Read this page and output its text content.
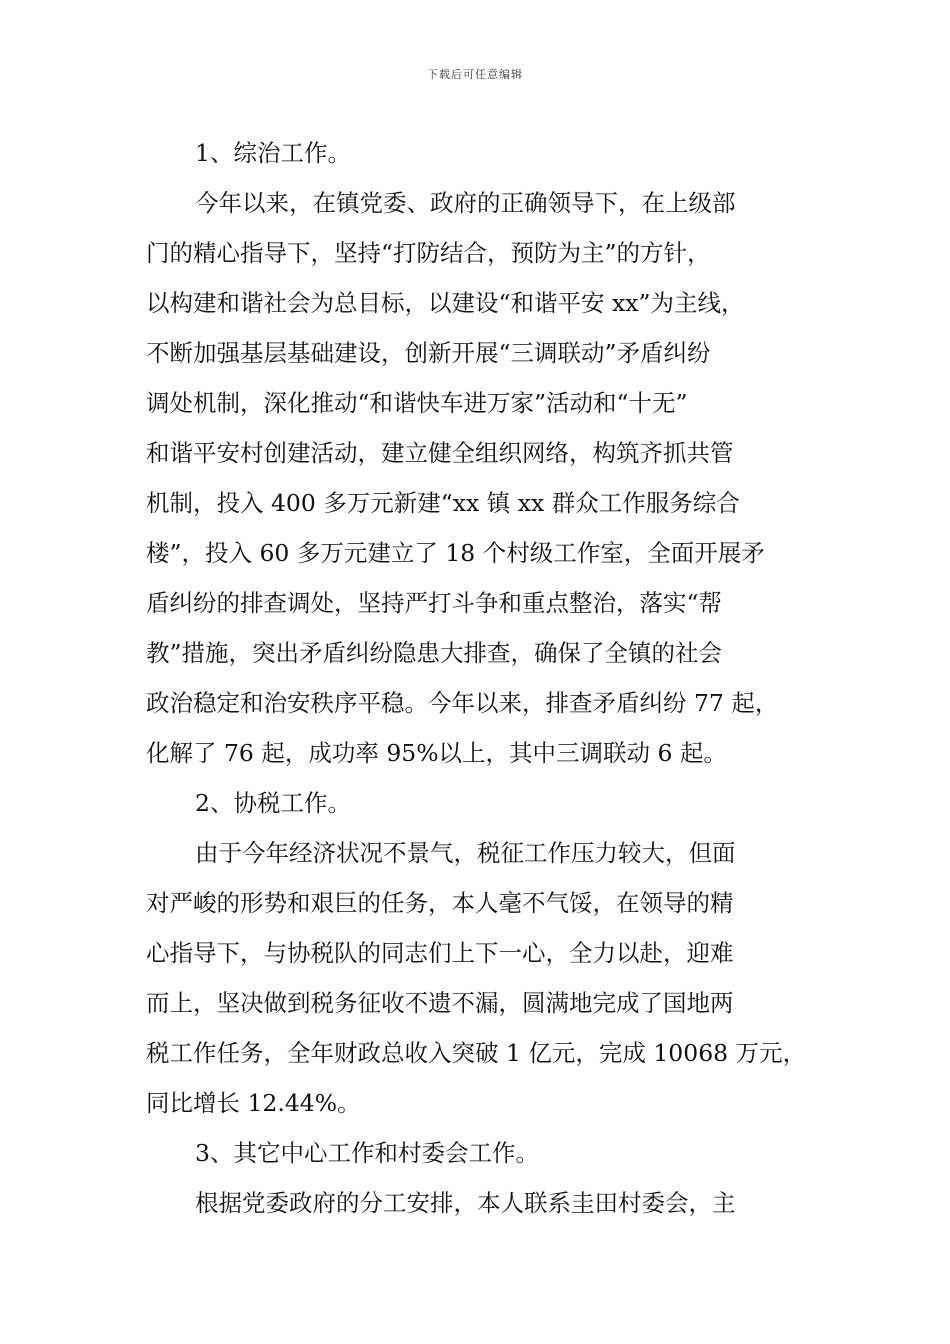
下载后可任意编辑
1、综治工作。
今年以来，在镇党委、政府的正确领导下，在上级部
门的精心指导下，坚持“打防结合，预防为主”的方针，
以构建和谐社会为总目标，以建设“和谐平安 xx”为主线，
不断加强基层基础建设，创新开展“三调联动”矛盾纠纷
调处机制，深化推动“和谐快车进万家”活动和“十无”
和谐平安村创建活动，建立健全组织网络，构筑齐抓共管
机制，投入 400 多万元新建“xx 镇 xx 群众工作服务综合
楼”，投入 60 多万元建立了 18 个村级工作室，全面开展矛
盾纠纷的排查调处，坚持严打斗争和重点整治，落实“帮
教”措施，突出矛盾纠纷隐患大排查，确保了全镇的社会
政治稳定和治安秩序平稳。今年以来，排查矛盾纠纷 77 起，
化解了 76 起，成功率 95%以上，其中三调联动 6 起。
2、协税工作。
由于今年经济状况不景气，税征工作压力较大，但面
对严峻的形势和艰巨的任务，本人毫不气馁，在领导的精
心指导下，与协税队的同志们上下一心，全力以赴，迎难
而上，坚决做到税务征收不遗不漏，圆满地完成了国地两
税工作任务，全年财政总收入突破 1 亿元，完成 10068 万元，
同比增长 12.44%。
3、其它中心工作和村委会工作。
根据党委政府的分工安排，本人联系圭田村委会，主
